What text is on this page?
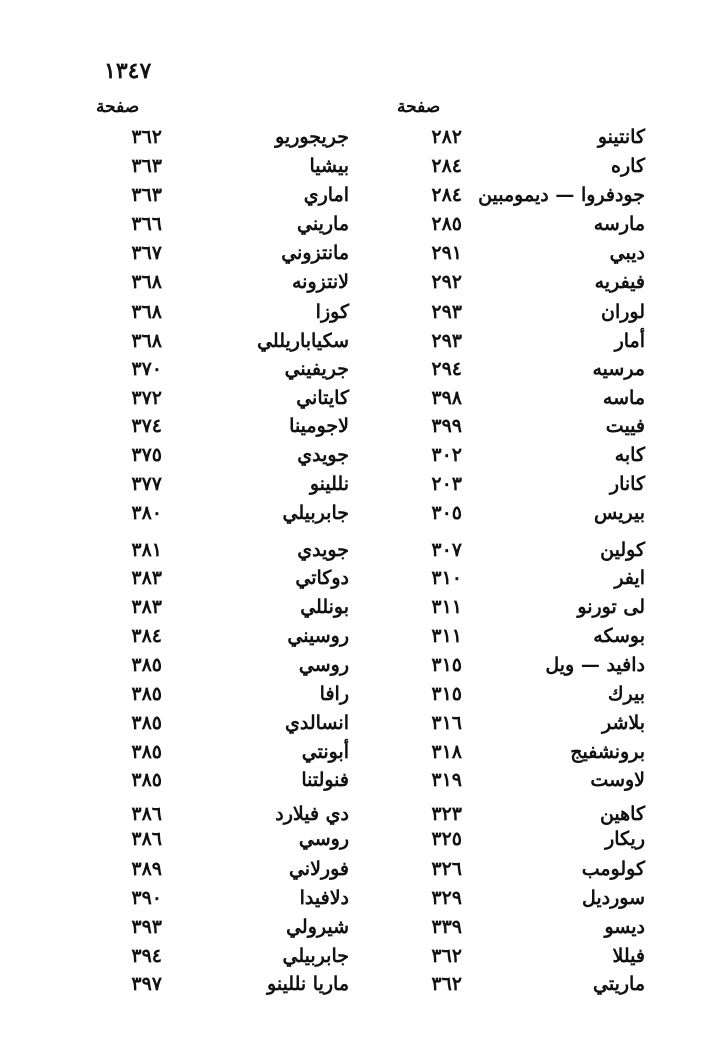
١٣٤٧
صفحة	صفحة
كانتينو
٢٨٢
جريجوريو
٣٦٢
كاره
٢٨٤
بيشيا
٣٦٣
جودفروا — ديمومبين
٢٨٤
اماري
٣٦٣
مارسه
٢٨٥
ماريني
٣٦٦
ديبي
٢٩١
مانتزوني
٣٦٧
فيفريه
٢٩٢
لانتزونه
٣٦٨
لوران
٢٩٣
كوزا
٣٦٨
أمار
٢٩٣
سكياباريللي
٣٦٨
مرسيه
٢٩٤
جريفيني
٣٧٠
ماسه
٣٩٨
كايتاني
٣٧٢
فييت
٣٩٩
لاجومينا
٣٧٤
كابه
٣٠٢
جويدي
٣٧٥
كانار
٢٠٣
نللينو
٣٧٧
بيريس
٣٠٥
جابربيلي
٣٨٠
كولين
٣٠٧
جويدي
٣٨١
ايفر
٣١٠
دوكاتي
٣٨٣
لى تورنو
٣١١
بونللي
٣٨٣
بوسكه
٣١١
روسيني
٣٨٤
دافيد — ويل
٣١٥
روسي
٣٨٥
بيرك
٣١٥
رافا
٣٨٥
بلاشر
٣١٦
انسالدي
٣٨٥
برونشفيج
٣١٨
أبونتي
٣٨٥
لاوست
٣١٩
فنولتنا
٣٨٥
كاهين
٣٢٣
دي فيلارد
٣٨٦
ريكار
٣٢٥
روسي
٣٨٦
كولومب
٣٢٦
فورلاني
٣٨٩
سورديل
٣٢٩
دلافيدا
٣٩٠
ديسو
٣٣٩
شيرولي
٣٩٣
فيللا
٣٦٢
جابربيلي
٣٩٤
ماريتي
٣٦٢
ماريا نللينو
٣٩٧
